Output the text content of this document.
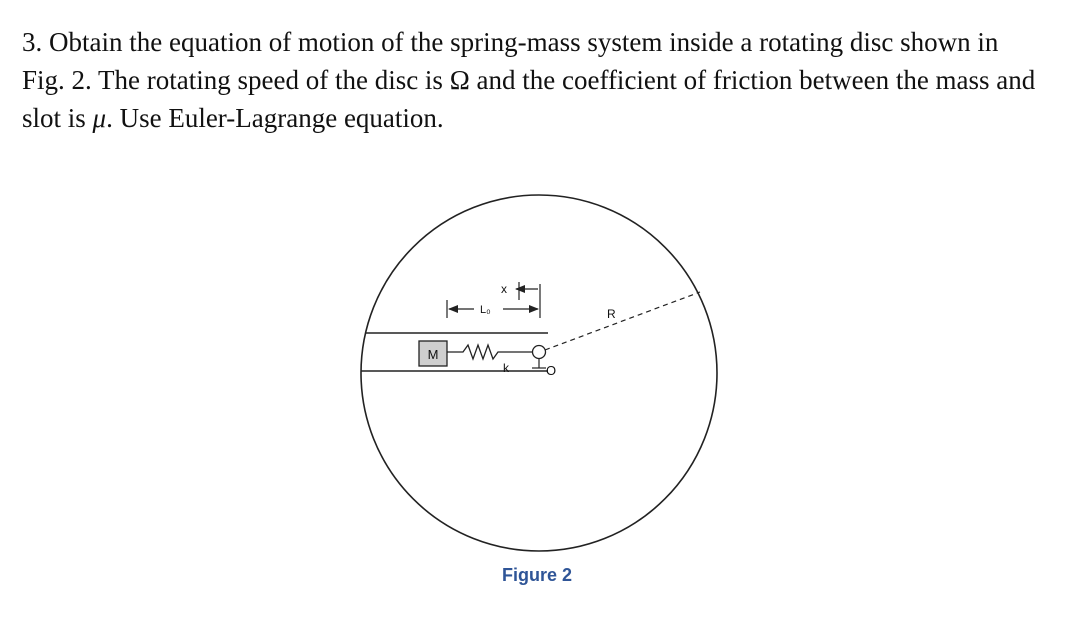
3. Obtain the equation of motion of the spring-mass system inside a rotating disc shown in
Fig. 2. The rotating speed of the disc is Ω and the coefficient of friction between the mass and
slot is μ. Use Euler-Lagrange equation.

M
k	O
R
L₀
x
Figure 2
